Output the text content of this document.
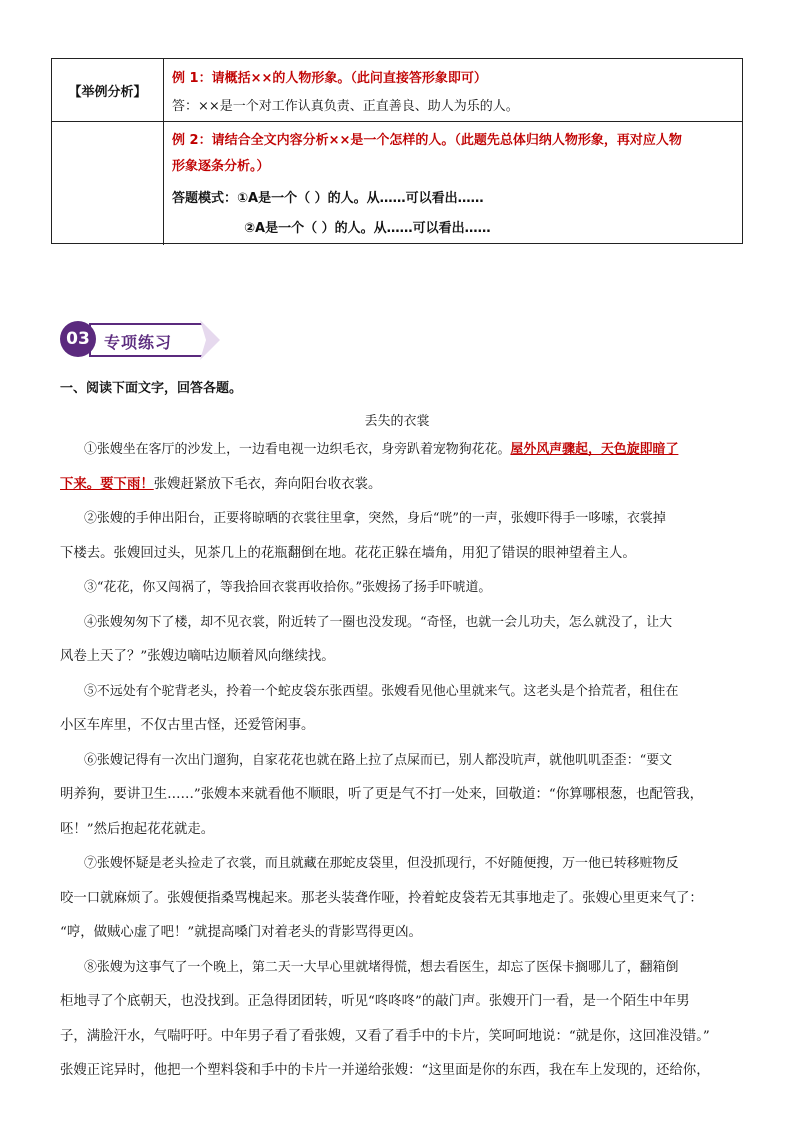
【举例分析】
例 1：请概括××的人物形象。（此问直接答形象即可）
答：××是一个对工作认真负责、正直善良、助人为乐的人。
例 2：请结合全文内容分析××是一个怎样的人。（此题先总体归纳人物形象，再对应人物
形象逐条分析。）
答题模式：①A是一个（ ）的人。从……可以看出……
②A是一个（ ）的人。从……可以看出……
03 专项练习
一、阅读下面文字，回答各题。
丢失的衣裳
①张嫂坐在客厅的沙发上，一边看电视一边织毛衣，身旁趴着宠物狗花花。屋外风声骤起，天色旋即暗了
下来。要下雨！张嫂赶紧放下毛衣，奔向阳台收衣裳。
②张嫂的手伸出阳台，正要将晾晒的衣裳往里拿，突然，身后“咣”的一声，张嫂吓得手一哆嗦，衣裳掉
下楼去。张嫂回过头，见茶几上的花瓶翻倒在地。花花正躲在墙角，用犯了错误的眼神望着主人。
③“花花，你又闯祸了，等我拾回衣裳再收拾你。”张嫂扬了扬手吓唬道。
④张嫂匆匆下了楼，却不见衣裳，附近转了一圈也没发现。“奇怪，也就一会儿功夫，怎么就没了，让大
风卷上天了？”张嫂边嘀咕边顺着风向继续找。
⑤不远处有个驼背老头，拎着一个蛇皮袋东张西望。张嫂看见他心里就来气。这老头是个拾荒者，租住在
小区车库里，不仅古里古怪，还爱管闲事。
⑥张嫂记得有一次出门遛狗，自家花花也就在路上拉了点屎而已，别人都没吭声，就他叽叽歪歪：“要文
明养狗，要讲卫生……”张嫂本来就看他不顺眼，听了更是气不打一处来，回敬道：“你算哪根葱，也配管我，
呸！”然后抱起花花就走。
⑦张嫂怀疑是老头捡走了衣裳，而且就藏在那蛇皮袋里，但没抓现行，不好随便搜，万一他已转移赃物反
咬一口就麻烦了。张嫂便指桑骂槐起来。那老头装聋作哑，拎着蛇皮袋若无其事地走了。张嫂心里更来气了：
“哼，做贼心虚了吧！”就提高嗓门对着老头的背影骂得更凶。
⑧张嫂为这事气了一个晚上，第二天一大早心里就堵得慌，想去看医生，却忘了医保卡搁哪儿了，翻箱倒
柜地寻了个底朝天，也没找到。正急得团团转，听见“咚咚咚”的敲门声。张嫂开门一看，是一个陌生中年男
子，满脸汗水，气喘吁吁。中年男子看了看张嫂，又看了看手中的卡片，笑呵呵地说：“就是你，这回准没错。”
张嫂正诧异时，他把一个塑料袋和手中的卡片一并递给张嫂：“这里面是你的东西，我在车上发现的，还给你，
